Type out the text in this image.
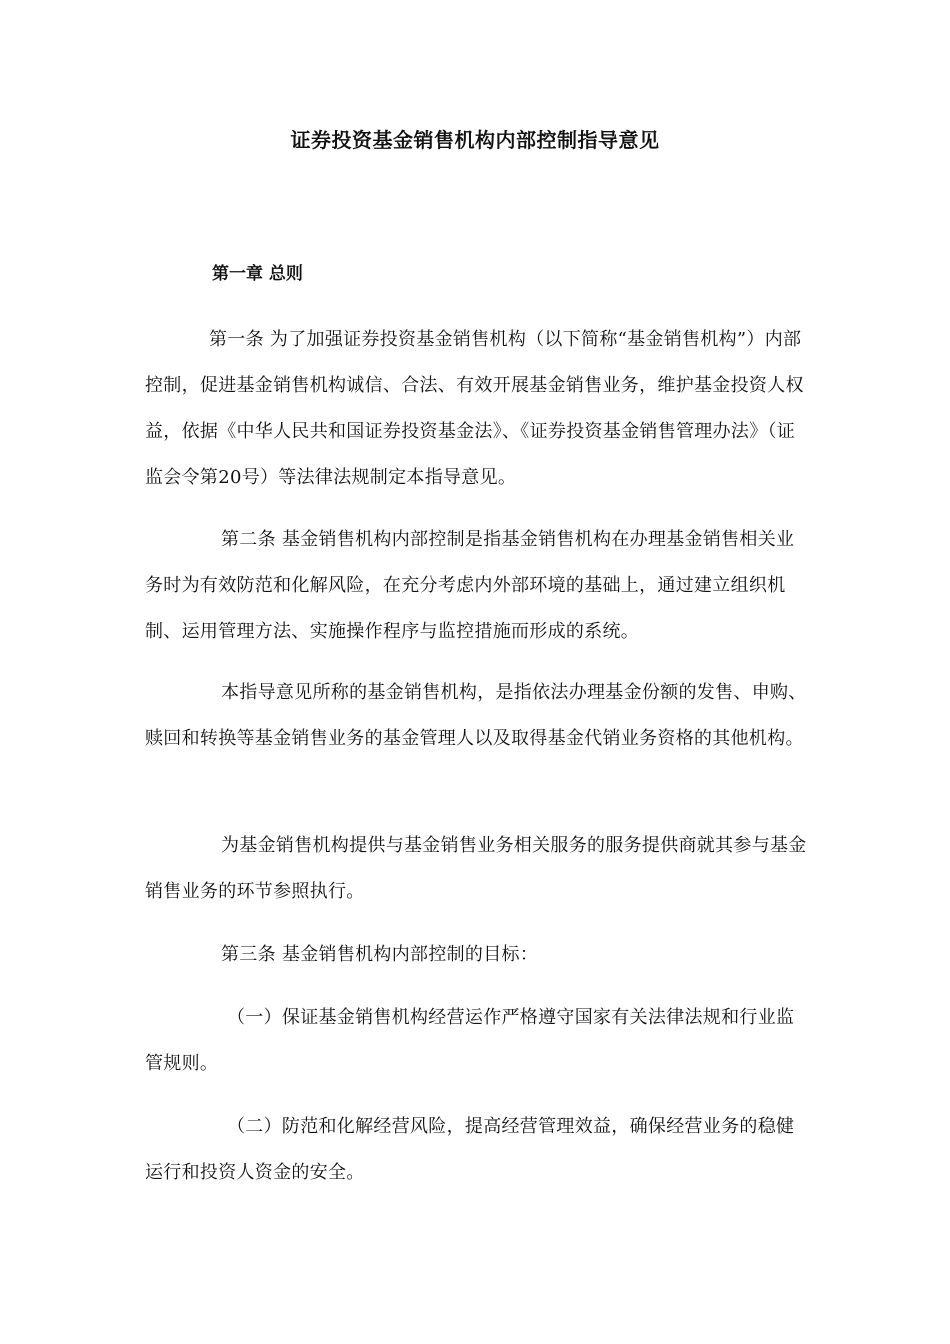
证券投资基金销售机构内部控制指导意见
第一章 总则

第一条 为了加强证券投资基金销售机构（以下简称“基金销售机构”）内部控制，促进基金销售机构诚信、合法、有效开展基金销售业务，维护基金投资人权益，依据《中华人民共和国证券投资基金法》、《证券投资基金销售管理办法》（证监会令第20号）等法律法规制定本指导意见。

第二条 基金销售机构内部控制是指基金销售机构在办理基金销售相关业务时为有效防范和化解风险，在充分考虑内外部环境的基础上，通过建立组织机制、运用管理方法、实施操作程序与监控措施而形成的系统。

本指导意见所称的基金销售机构，是指依法办理基金份额的发售、申购、赎回和转换等基金销售业务的基金管理人以及取得基金代销业务资格的其他机构。

为基金销售机构提供与基金销售业务相关服务的服务提供商就其参与基金销售业务的环节参照执行。

第三条 基金销售机构内部控制的目标：

（一）保证基金销售机构经营运作严格遵守国家有关法律法规和行业监管规则。

（二）防范和化解经营风险，提高经营管理效益，确保经营业务的稳健运行和投资人资金的安全。
